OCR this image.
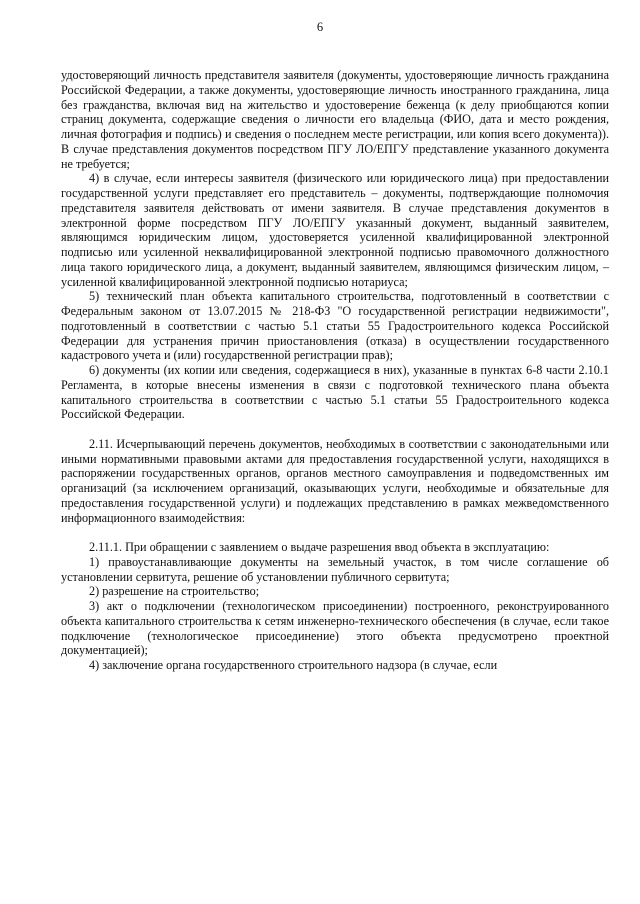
6

удостоверяющий личность представителя заявителя (документы, удостоверяющие личность гражданина Российской Федерации, а также документы, удостоверяющие личность иностранного гражданина, лица без гражданства, включая вид на жительство и удостоверение беженца (к делу приобщаются копии страниц документа, содержащие сведения о личности его владельца (ФИО, дата и место рождения, личная фотография и подпись) и сведения о последнем месте регистрации, или копия всего документа)). В случае представления документов посредством ПГУ ЛО/ЕПГУ представление указанного документа не требуется;

4) в случае, если интересы заявителя (физического или юридического лица) при предоставлении государственной услуги представляет его представитель – документы, подтверждающие полномочия представителя заявителя действовать от имени заявителя. В случае представления документов в электронной форме посредством ПГУ ЛО/ЕПГУ указанный документ, выданный заявителем, являющимся юридическим лицом, удостоверяется усиленной квалифицированной электронной подписью или усиленной неквалифицированной электронной подписью правомочного должностного лица такого юридического лица, а документ, выданный заявителем, являющимся физическим лицом, – усиленной квалифицированной электронной подписью нотариуса;

5) технический план объекта капитального строительства, подготовленный в соответствии с Федеральным законом от 13.07.2015 № 218-ФЗ "О государственной регистрации недвижимости", подготовленный в соответствии с частью 5.1 статьи 55 Градостроительного кодекса Российской Федерации для устранения причин приостановления (отказа) в осуществлении государственного кадастрового учета и (или) государственной регистрации прав);

6) документы (их копии или сведения, содержащиеся в них), указанные в пунктах 6-8 части 2.10.1 Регламента, в которые внесены изменения в связи с подготовкой технического плана объекта капитального строительства в соответствии с частью 5.1 статьи 55 Градостроительного кодекса Российской Федерации.

2.11. Исчерпывающий перечень документов, необходимых в соответствии с законодательными или иными нормативными правовыми актами для предоставления государственной услуги, находящихся в распоряжении государственных органов, органов местного самоуправления и подведомственных им организаций (за исключением организаций, оказывающих услуги, необходимые и обязательные для предоставления государственной услуги) и подлежащих представлению в рамках межведомственного информационного взаимодействия:

2.11.1. При обращении с заявлением о выдаче разрешения ввод объекта в эксплуатацию:

1) правоустанавливающие документы на земельный участок, в том числе соглашение об установлении сервитута, решение об установлении публичного сервитута;

2) разрешение на строительство;

3) акт о подключении (технологическом присоединении) построенного, реконструированного объекта капитального строительства к сетям инженерно-технического обеспечения (в случае, если такое подключение (технологическое присоединение) этого объекта предусмотрено проектной документацией);

4) заключение органа государственного строительного надзора (в случае, если
